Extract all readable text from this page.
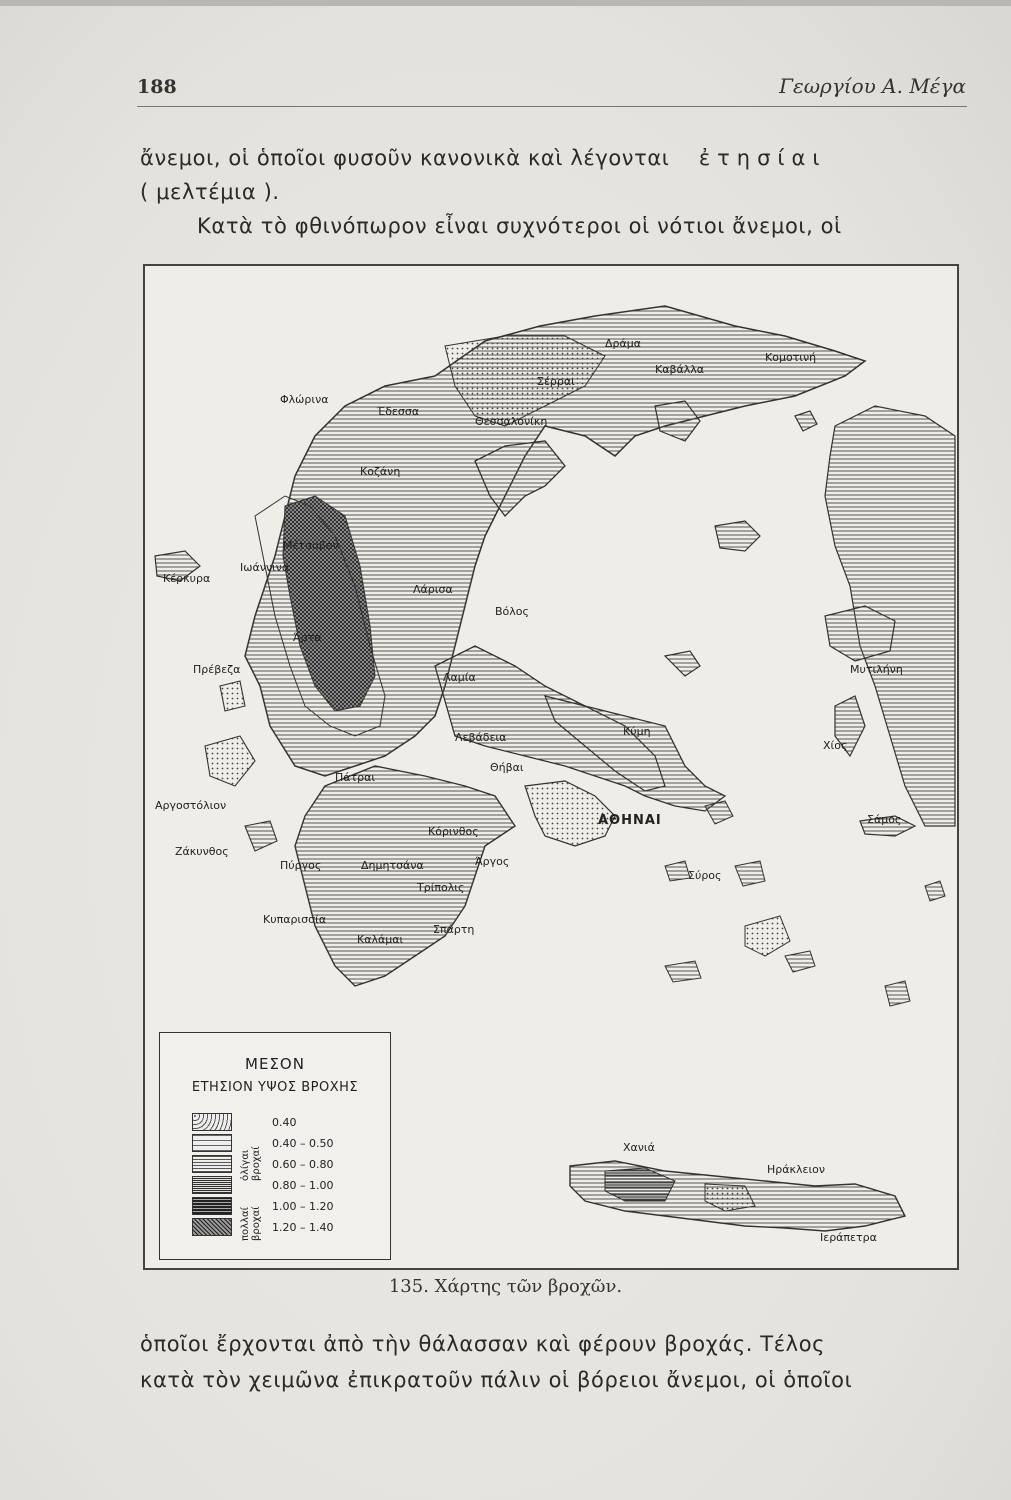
188	Γεωργίου Α. Μέγα
ἄνεμοι, οἱ ὁποῖοι φυσοῦν κανονικὰ καὶ λέγονται ἐτησίαι
( μελτέμια ).
Κατὰ τὸ φθινόπωρον εἶναι συχνότεροι οἱ νότιοι ἄνεμοι, οἱ
Δράμα
Καβάλλα
Κομοτινή
Σέρραι
Φλώρινα
Έδεσσα
Θεσσαλονίκη
Κοζάνη
Μέτσοβον
Ιωάννινα
Κέρκυρα
Λάρισα
Βόλος
Άρτα
Πρέβεζα	Μυτιλήνη
Λαμία
Κύμη
Χίος
Λεβάδεια
Θήβαι
Πάτραι
Αργοστόλιον
ΑΘΗΝΑΙ	Σάμος
Κόρινθος
Ζάκυνθος
Πύργος	Δημητσάνα	Άργος
Τρίπολις
Σύρος
Κυπαρισσία
Καλάμαι
Σπάρτη
Χανιά
Ηράκλειον
Ιεράπετρα
ΜΕΣΟΝ
ΕΤΗΣΙΟΝ ΥΨΟΣ ΒΡΟΧΗΣ
0.40
0.40 – 0.50
0.60 – 0.80
0.80 – 1.00
1.00 – 1.20
1.20 – 1.40
ὀλίγαι βροχαί
πολλαί βροχαί
135. Χάρτης τῶν βροχῶν.
ὁποῖοι ἔρχονται ἀπὸ τὴν θάλασσαν καὶ φέρουν βροχάς. Τέλος
κατὰ τὸν χειμῶνα ἐπικρατοῦν πάλιν οἱ βόρειοι ἄνεμοι, οἱ ὁποῖοι
